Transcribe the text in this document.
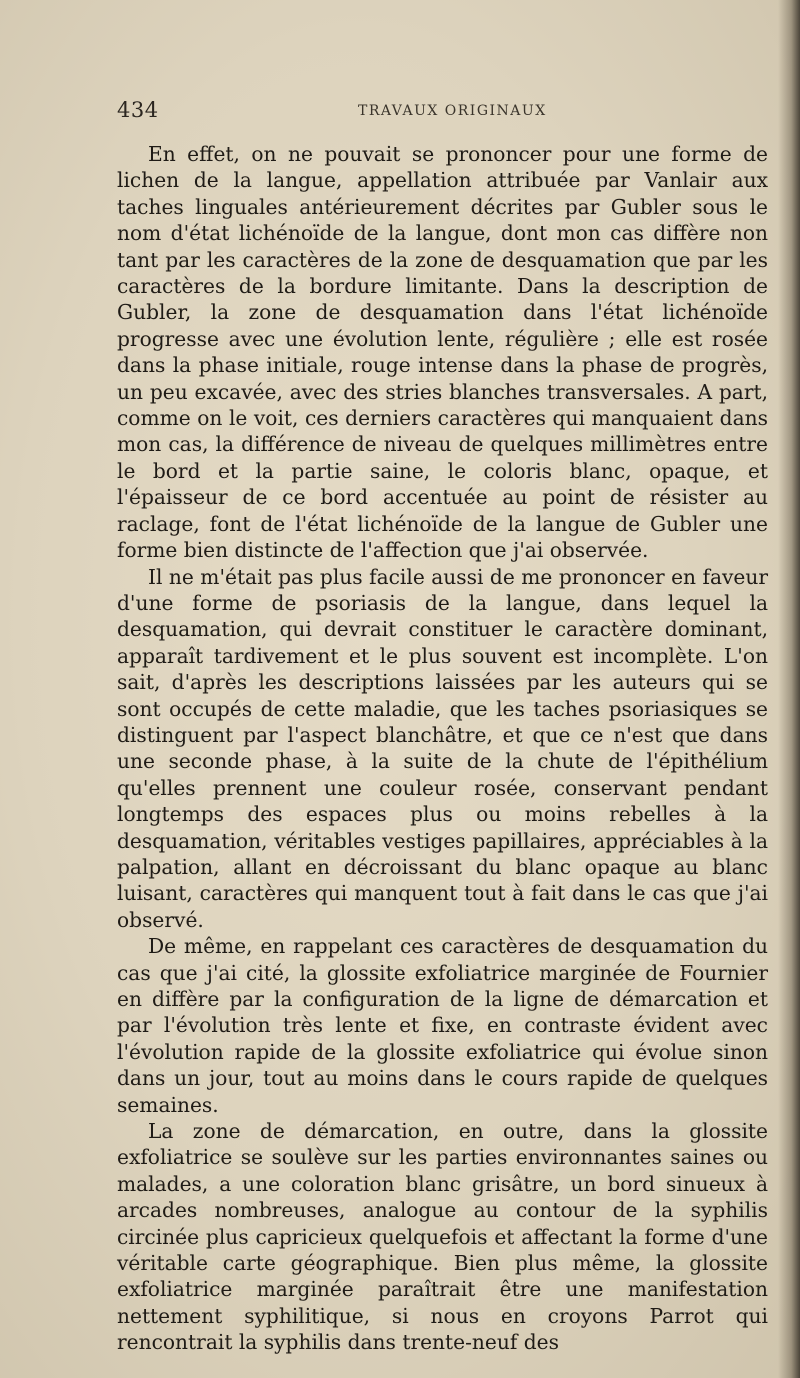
434	TRAVAUX ORIGINAUX

En effet, on ne pouvait se prononcer pour une forme de lichen de la langue, appellation attribuée par Vanlair aux taches linguales antérieurement décrites par Gubler sous le nom d'état lichénoïde de la langue, dont mon cas diffère non tant par les caractères de la zone de desquamation que par les caractères de la bordure limitante. Dans la description de Gubler, la zone de desquamation dans l'état lichénoïde progresse avec une évolution lente, régulière ; elle est rosée dans la phase initiale, rouge intense dans la phase de progrès, un peu excavée, avec des stries blanches transversales. A part, comme on le voit, ces derniers caractères qui manquaient dans mon cas, la différence de niveau de quelques millimètres entre le bord et la partie saine, le coloris blanc, opaque, et l'épaisseur de ce bord accentuée au point de résister au raclage, font de l'état lichénoïde de la langue de Gubler une forme bien distincte de l'affection que j'ai observée.

Il ne m'était pas plus facile aussi de me prononcer en faveur d'une forme de psoriasis de la langue, dans lequel la desquamation, qui devrait constituer le caractère dominant, apparaît tardivement et le plus souvent est incomplète. L'on sait, d'après les descriptions laissées par les auteurs qui se sont occupés de cette maladie, que les taches psoriasiques se distinguent par l'aspect blanchâtre, et que ce n'est que dans une seconde phase, à la suite de la chute de l'épithélium qu'elles prennent une couleur rosée, conservant pendant longtemps des espaces plus ou moins rebelles à la desquamation, véritables vestiges papillaires, appréciables à la palpation, allant en décroissant du blanc opaque au blanc luisant, caractères qui manquent tout à fait dans le cas que j'ai observé.

De même, en rappelant ces caractères de desquamation du cas que j'ai cité, la glossite exfoliatrice marginée de Fournier en diffère par la configuration de la ligne de démarcation et par l'évolution très lente et fixe, en contraste évident avec l'évolution rapide de la glossite exfoliatrice qui évolue sinon dans un jour, tout au moins dans le cours rapide de quelques semaines.

La zone de démarcation, en outre, dans la glossite exfoliatrice se soulève sur les parties environnantes saines ou malades, a une coloration blanc grisâtre, un bord sinueux à arcades nombreuses, analogue au contour de la syphilis circinée plus capricieux quelquefois et affectant la forme d'une véritable carte géographique. Bien plus même, la glossite exfoliatrice marginée paraîtrait être une manifestation nettement syphilitique, si nous en croyons Parrot qui rencontrait la syphilis dans trente-neuf des
